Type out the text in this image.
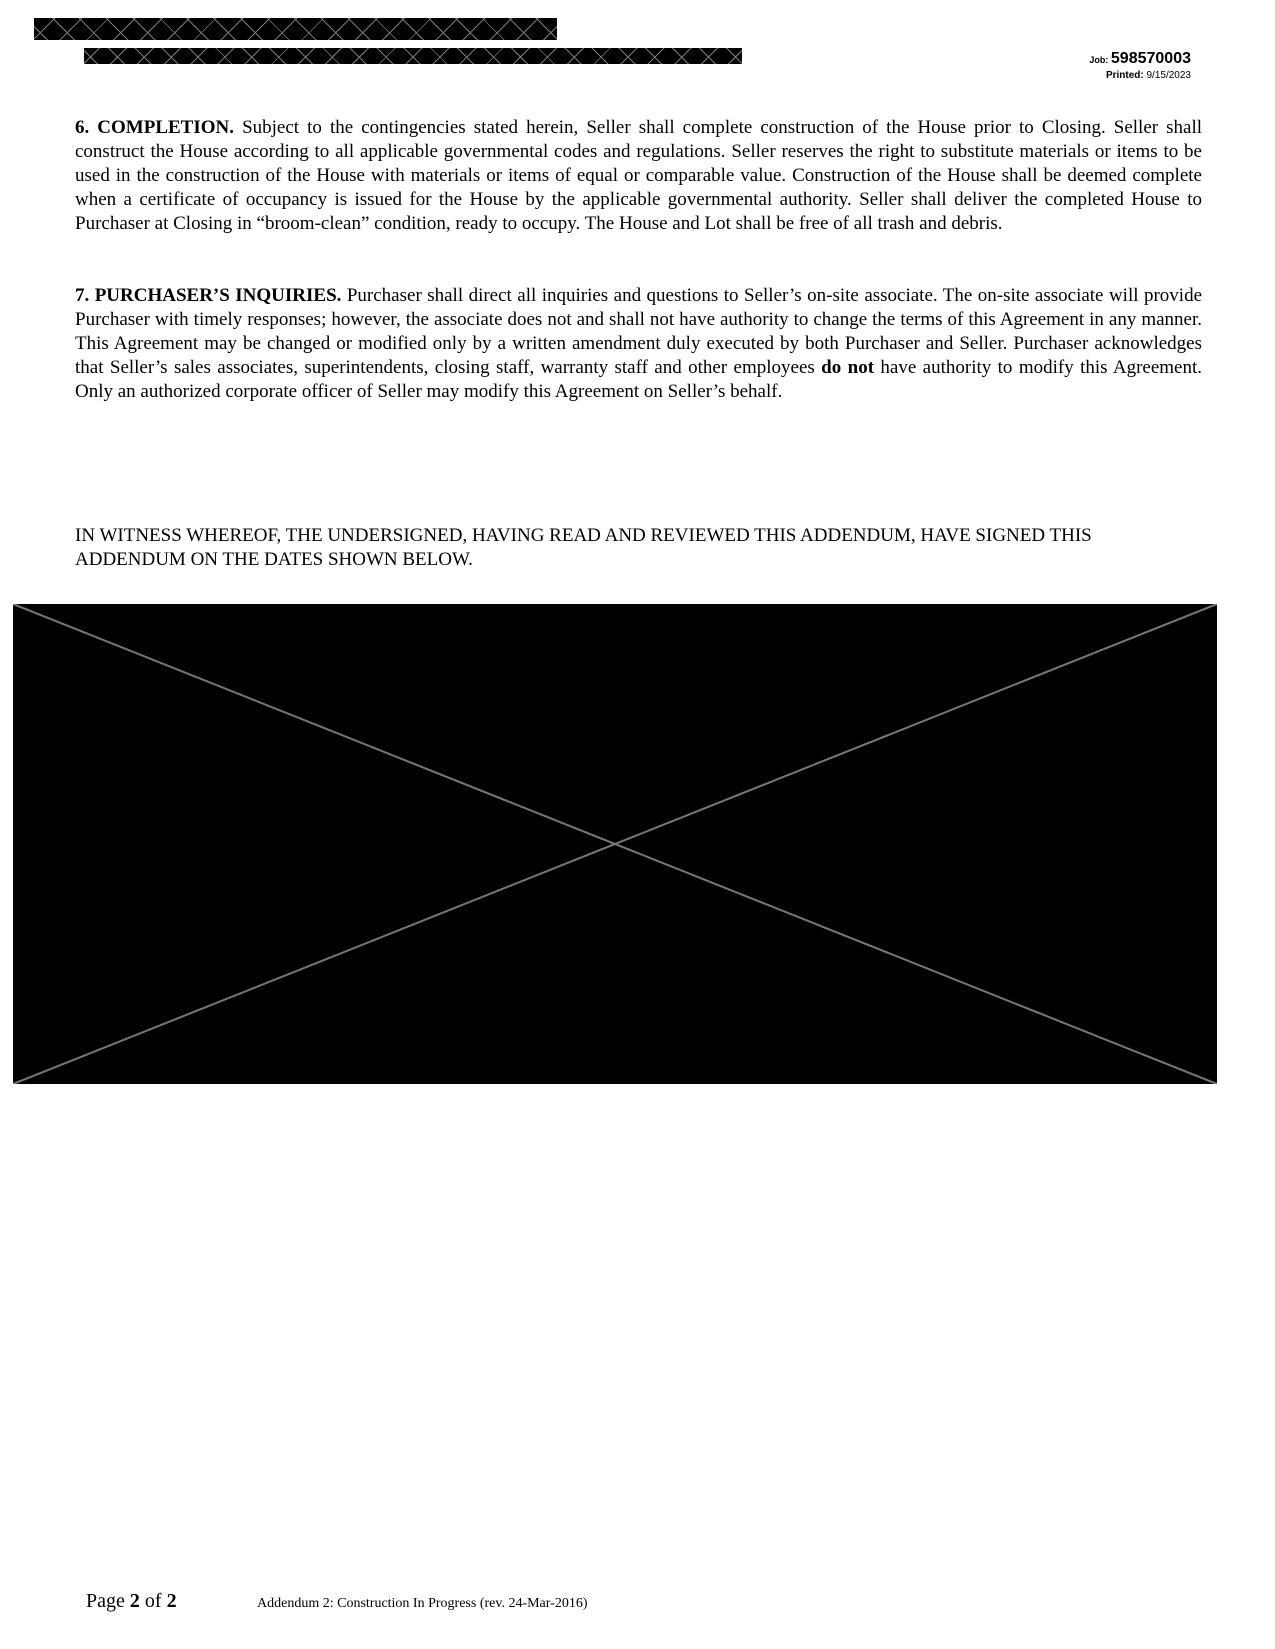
Job: 598570003
Printed: 9/15/2023
6. COMPLETION. Subject to the contingencies stated herein, Seller shall complete construction of the House prior to Closing. Seller shall construct the House according to all applicable governmental codes and regulations. Seller reserves the right to substitute materials or items to be used in the construction of the House with materials or items of equal or comparable value. Construction of the House shall be deemed complete when a certificate of occupancy is issued for the House by the applicable governmental authority. Seller shall deliver the completed House to Purchaser at Closing in “broom-clean” condition, ready to occupy. The House and Lot shall be free of all trash and debris.
7. PURCHASER’S INQUIRIES. Purchaser shall direct all inquiries and questions to Seller’s on-site associate. The on-site associate will provide Purchaser with timely responses; however, the associate does not and shall not have authority to change the terms of this Agreement in any manner. This Agreement may be changed or modified only by a written amendment duly executed by both Purchaser and Seller. Purchaser acknowledges that Seller’s sales associates, superintendents, closing staff, warranty staff and other employees do not have authority to modify this Agreement. Only an authorized corporate officer of Seller may modify this Agreement on Seller’s behalf.
IN WITNESS WHEREOF, THE UNDERSIGNED, HAVING READ AND REVIEWED THIS ADDENDUM, HAVE SIGNED THIS ADDENDUM ON THE DATES SHOWN BELOW.
Page 2 of 2	Addendum 2: Construction In Progress (rev. 24-Mar-2016)
